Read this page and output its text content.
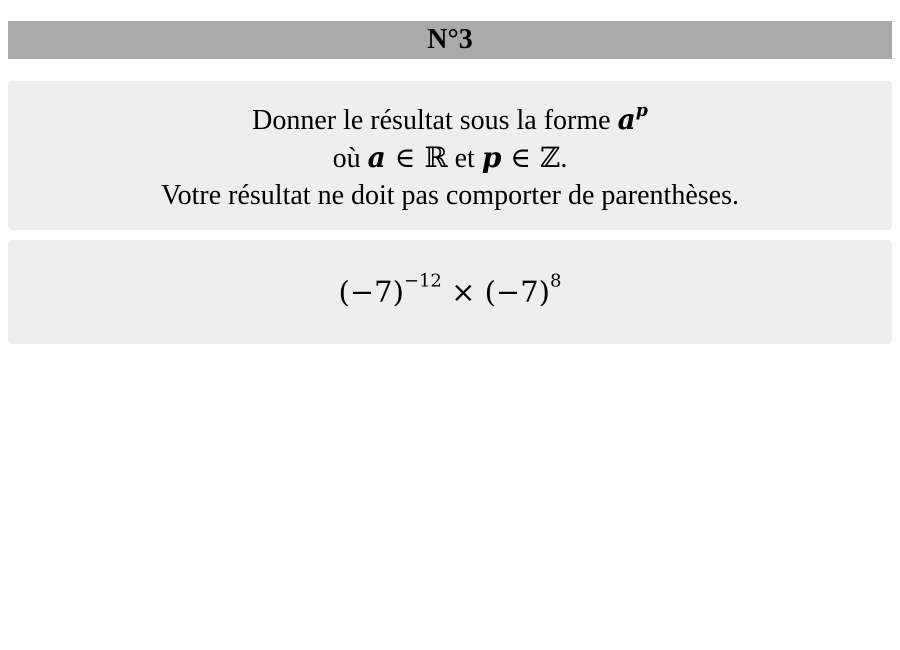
N°3
Donner le résultat sous la forme $a^p$
où a ∈ ℝ et p ∈ ℤ.
Votre résultat ne doit pas comporter de parenthèses.
$(-7)^{-12} \times (-7)^8$
